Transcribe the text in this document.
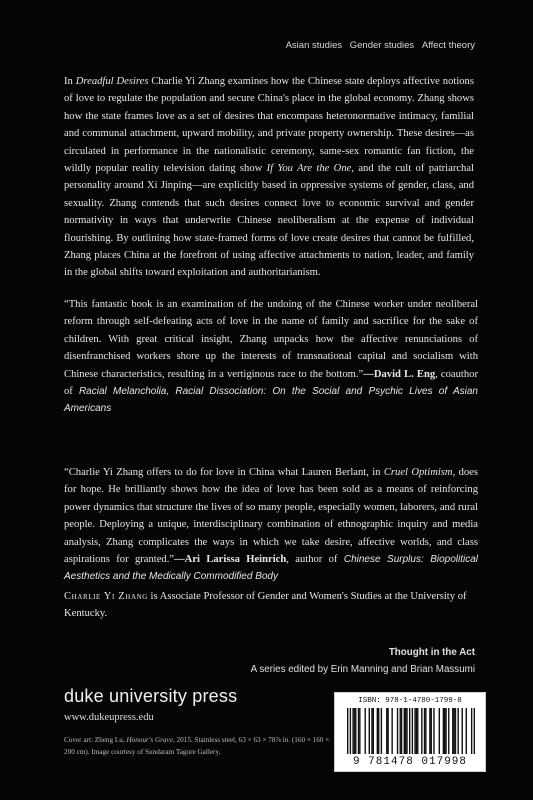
Asian studies Gender studies Affect theory

In Dreadful Desires Charlie Yi Zhang examines how the Chinese state deploys affective notions of love to regulate the population and secure China's place in the global economy. Zhang shows how the state frames love as a set of desires that encompass heteronormative intimacy, familial and communal attachment, upward mobility, and private property ownership. These desires—as circulated in performance in the nationalistic ceremony, same-sex romantic fan fiction, the wildly popular reality television dating show If You Are the One, and the cult of patriarchal personality around Xi Jinping—are explicitly based in oppressive systems of gender, class, and sexuality. Zhang contends that such desires connect love to economic survival and gender normativity in ways that underwrite Chinese neoliberalism at the expense of individual flourishing. By outlining how state-framed forms of love create desires that cannot be fulfilled, Zhang places China at the forefront of using affective attachments to nation, leader, and family in the global shifts toward exploitation and authoritarianism.

“This fantastic book is an examination of the undoing of the Chinese worker under neoliberal reform through self-defeating acts of love in the name of family and sacrifice for the sake of children. With great critical insight, Zhang unpacks how the affective renunciations of disenfranchised workers shore up the interests of transnational capital and socialism with Chinese characteristics, resulting in a vertiginous race to the bottom.”—David L. Eng, coauthor of Racial Melancholia, Racial Dissociation: On the Social and Psychic Lives of Asian Americans

“Charlie Yi Zhang offers to do for love in China what Lauren Berlant, in Cruel Optimism, does for hope. He brilliantly shows how the idea of love has been sold as a means of reinforcing power dynamics that structure the lives of so many people, especially women, laborers, and rural people. Deploying a unique, interdisciplinary combination of ethnographic inquiry and media analysis, Zhang complicates the ways in which we take desire, affective worlds, and class aspirations for granted.”—Ari Larissa Heinrich, author of Chinese Surplus: Biopolitical Aesthetics and the Medically Commodified Body

Charlie Yi Zhang is Associate Professor of Gender and Women's Studies at the University of Kentucky.

Thought in the Act
A series edited by Erin Manning and Brian Massumi
duke university press
www.dukeupress.edu
Cover art: Zheng Lu, Honour's Grave, 2015. Stainless steel, 63 × 63 × 78⅞ in. (160 × 160 × 200 cm). Image courtesy of Sundaram Tagore Gallery.
ISBN: 978-1-4780-1799-8
9 781478 017998
